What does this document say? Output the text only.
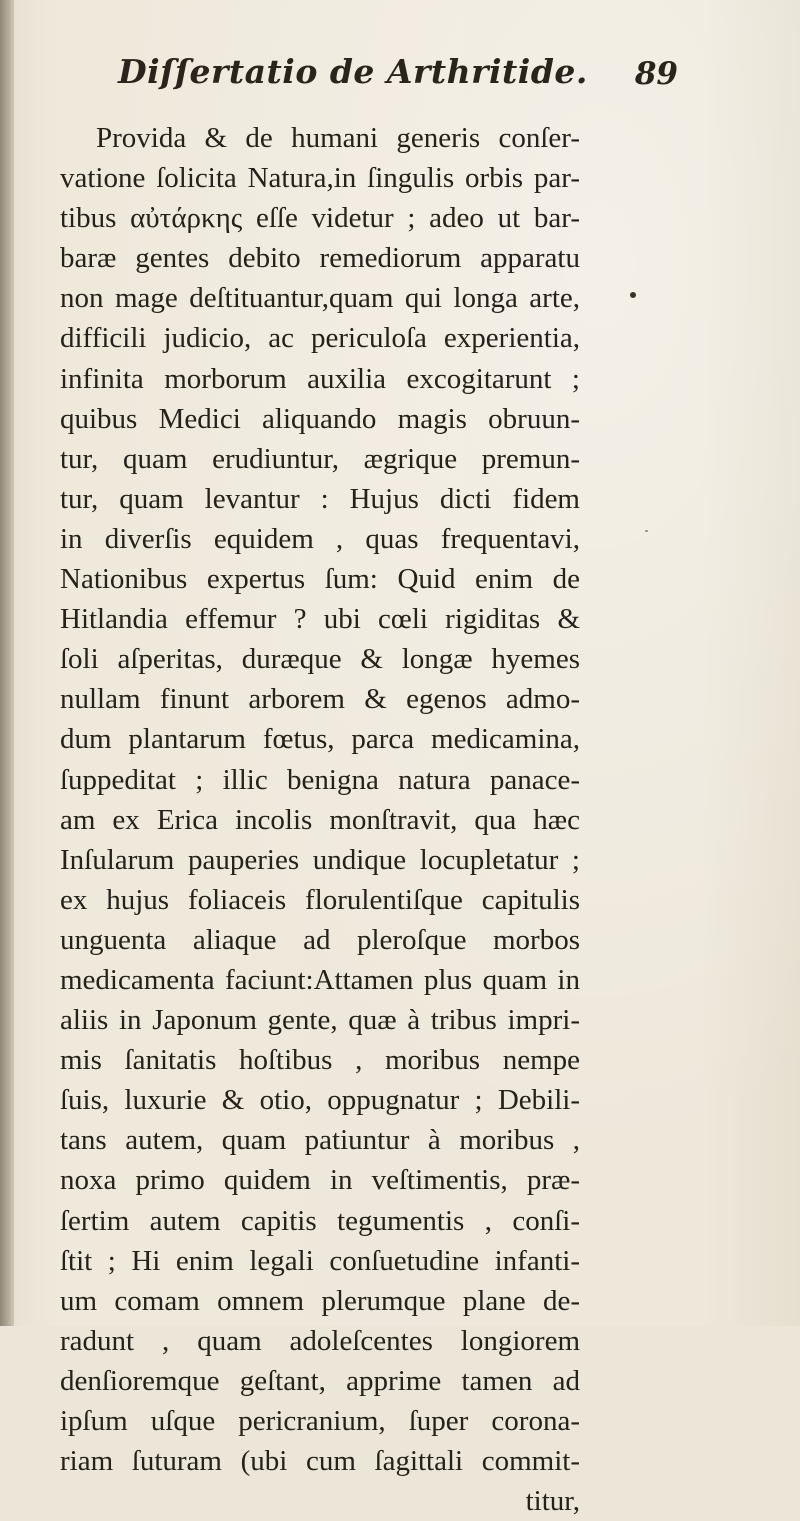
Diſſertatio de Arthritide. 89
Provida & de humani generis conſer-
vatione ſolicita Natura,in ſingulis orbis par-
tibus αὐτάρκης eſſe videtur ; adeo ut bar-
baræ gentes debito remediorum apparatu
non mage deſtituantur,quam qui longa arte,
difficili judicio, ac periculoſa experientia,
infinita morborum auxilia excogitarunt ;
quibus Medici aliquando magis obruun-
tur, quam erudiuntur, ægrique premun-
tur, quam levantur : Hujus dicti fidem
in diverſis equidem , quas frequentavi,
Nationibus expertus ſum: Quid enim de
Hitlandia effemur ? ubi cœli rigiditas &
ſoli aſperitas, duræque & longæ hyemes
nullam finunt arborem & egenos admo-
dum plantarum fœtus, parca medicamina,
ſuppeditat ; illic benigna natura panace-
am ex Erica incolis monſtravit, qua hæc
Inſularum pauperies undique locupletatur ;
ex hujus foliaceis florulentiſque capitulis
unguenta aliaque ad pleroſque morbos
medicamenta faciunt:Attamen plus quam in
aliis in Japonum gente, quæ à tribus impri-
mis ſanitatis hoſtibus , moribus nempe
ſuis, luxurie & otio, oppugnatur ; Debili-
tans autem, quam patiuntur à moribus ,
noxa primo quidem in veſtimentis, præ-
ſertim autem capitis tegumentis , conſi-
ſtit ; Hi enim legali conſuetudine infanti-
um comam omnem plerumque plane de-
radunt , quam adoleſcentes longiorem
denſioremque geſtant, apprime tamen ad
ipſum uſque pericranium, ſuper corona-
riam ſuturam (ubi cum ſagittali commit-
titur,
